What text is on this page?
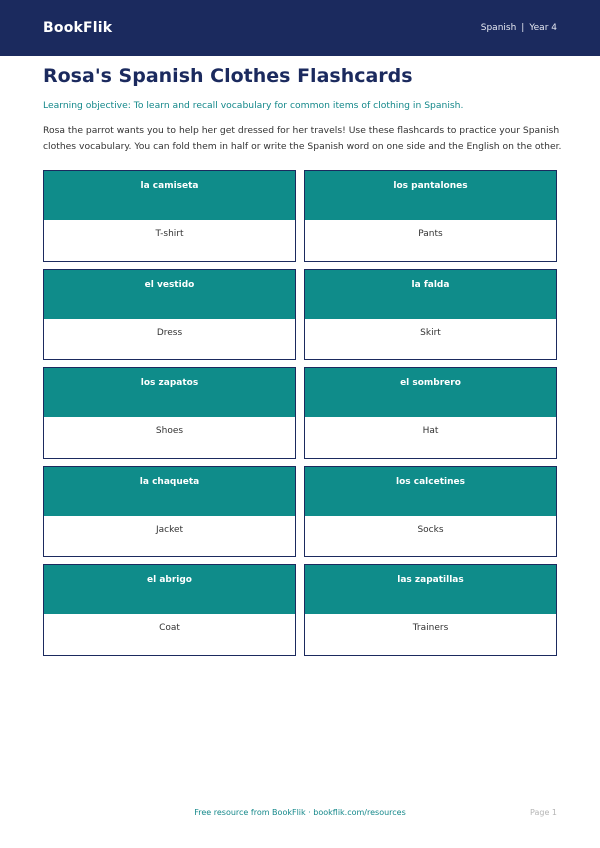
BookFlik	Spanish | Year 4
Rosa's Spanish Clothes Flashcards

Learning objective: To learn and recall vocabulary for common items of clothing in Spanish.

Rosa the parrot wants you to help her get dressed for her travels! Use these flashcards to practice your Spanish clothes vocabulary. You can fold them in half or write the Spanish word on one side and the English on the other.

la camiseta
T-shirt
los pantalones
Pants
el vestido
Dress
la falda
Skirt
los zapatos
Shoes
el sombrero
Hat
la chaqueta
Jacket
los calcetines
Socks
el abrigo
Coat
las zapatillas
Trainers
Free resource from BookFlik · bookflik.com/resources	Page 1
